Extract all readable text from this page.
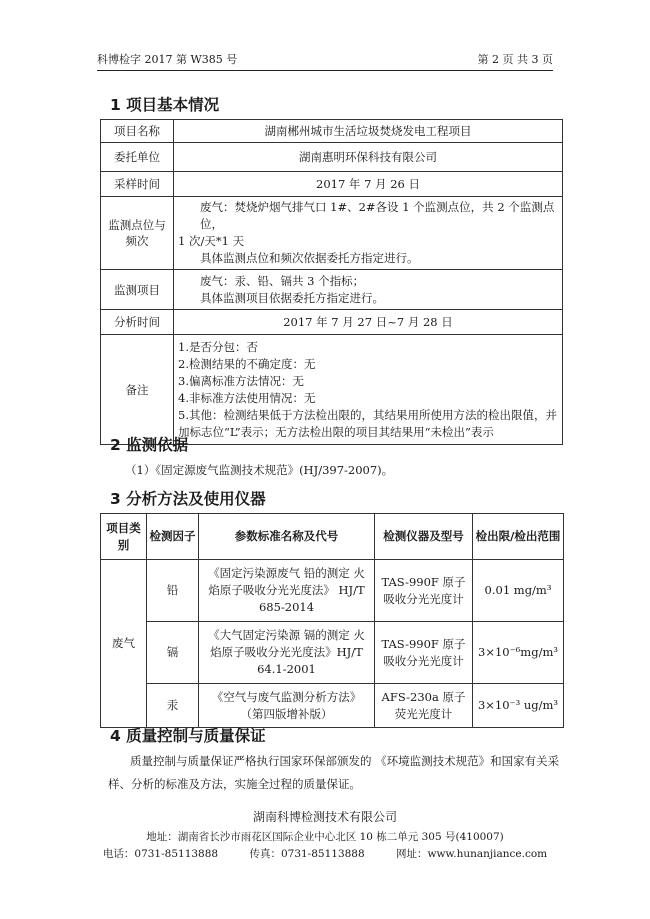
科博检字 2017 第 W385 号	第 2 页 共 3 页
1 项目基本情况
项目名称	湖南郴州城市生活垃圾焚烧发电工程项目
委托单位	湖南惠明环保科技有限公司
采样时间	2017 年 7 月 26 日
监测点位与频次	废气：焚烧炉烟气排气口 1#、2#各设 1 个监测点位，共 2 个监测点位，
1 次/天*1 天
具体监测点位和频次依据委托方指定进行。

监测项目	废气：汞、铅、镉共 3 个指标；
具体监测项目依据委托方指定进行。

分析时间	2017 年 7 月 27 日~7 月 28 日
备注	1.是否分包：否
2.检测结果的不确定度：无
3.偏离标准方法情况：无
4.非标准方法使用情况：无
5.其他：检测结果低于方法检出限的，其结果用所使用方法的检出限值，并加标志位“L”表示；无方法检出限的项目其结果用“未检出”表示
2 监测依据
（1）《固定源废气监测技术规范》(HJ/397-2007)。
3 分析方法及使用仪器
项目类别	检测因子	参数标准名称及代号	检测仪器及型号	检出限/检出范围
废气	铅	《固定污染源废气 铅的测定 火焰原子吸收分光光度法》 HJ/T 685-2014	TAS-990F 原子吸收分光光度计	0.01 mg/m³
	镉	《大气固定污染源 镉的测定 火焰原子吸收分光光度法》HJ/T 64.1-2001	TAS-990F 原子吸收分光光度计	3×10⁻⁶mg/m³
	汞	《空气与废气监测分析方法》（第四版增补版）	AFS-230a 原子荧光光度计	3×10⁻³ ug/m³
4 质量控制与质量保证
质量控制与质量保证严格执行国家环保部颁发的 《环境监测技术规范》和国家有关采样、分析的标准及方法，实施全过程的质量保证。
湖南科博检测技术有限公司
地址：湖南省长沙市雨花区国际企业中心北区 10 栋二单元 305 号(410007)
电话：0731-85113888	传真：0731-85113888	网址：www.hunanjiance.com
